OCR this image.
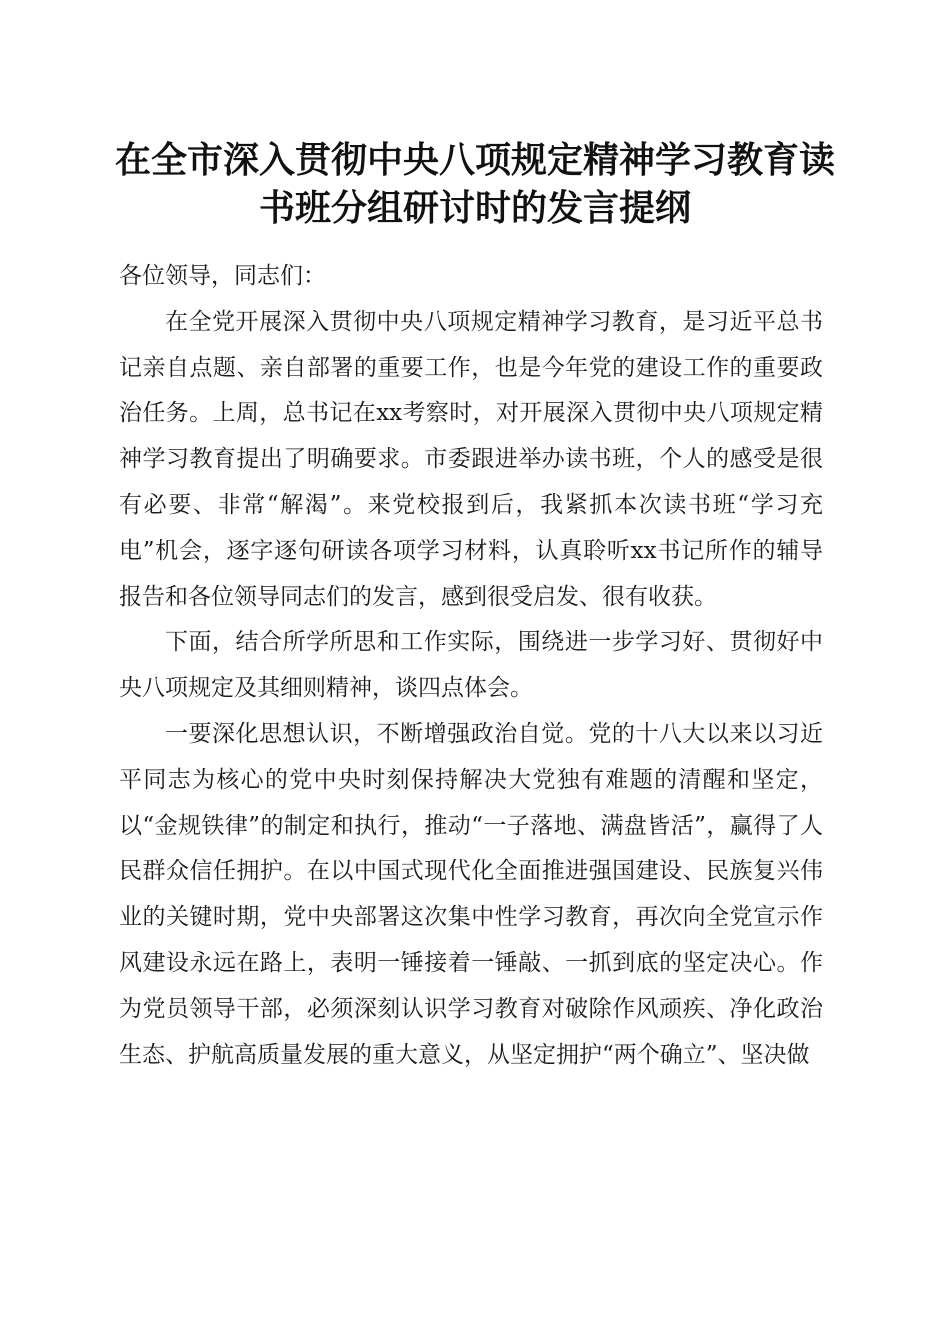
在全市深入贯彻中央八项规定精神学习教育读
书班分组研讨时的发言提纲

各位领导，同志们：

在全党开展深入贯彻中央八项规定精神学习教育，是习近平总书记亲自点题、亲自部署的重要工作，也是今年党的建设工作的重要政治任务。上周，总书记在xx考察时，对开展深入贯彻中央八项规定精神学习教育提出了明确要求。市委跟进举办读书班，个人的感受是很有必要、非常“解渴”。来党校报到后，我紧抓本次读书班“学习充电”机会，逐字逐句研读各项学习材料，认真聆听xx书记所作的辅导报告和各位领导同志们的发言，感到很受启发、很有收获。

下面，结合所学所思和工作实际，围绕进一步学习好、贯彻好中央八项规定及其细则精神，谈四点体会。

一要深化思想认识，不断增强政治自觉。党的十八大以来以习近平同志为核心的党中央时刻保持解决大党独有难题的清醒和坚定，以“金规铁律”的制定和执行，推动“一子落地、满盘皆活”，赢得了人民群众信任拥护。在以中国式现代化全面推进强国建设、民族复兴伟业的关键时期，党中央部署这次集中性学习教育，再次向全党宣示作风建设永远在路上，表明一锤接着一锤敲、一抓到底的坚定决心。作为党员领导干部，必须深刻认识学习教育对破除作风顽疾、净化政治生态、护航高质量发展的重大意义，从坚定拥护“两个确立”、坚决做
